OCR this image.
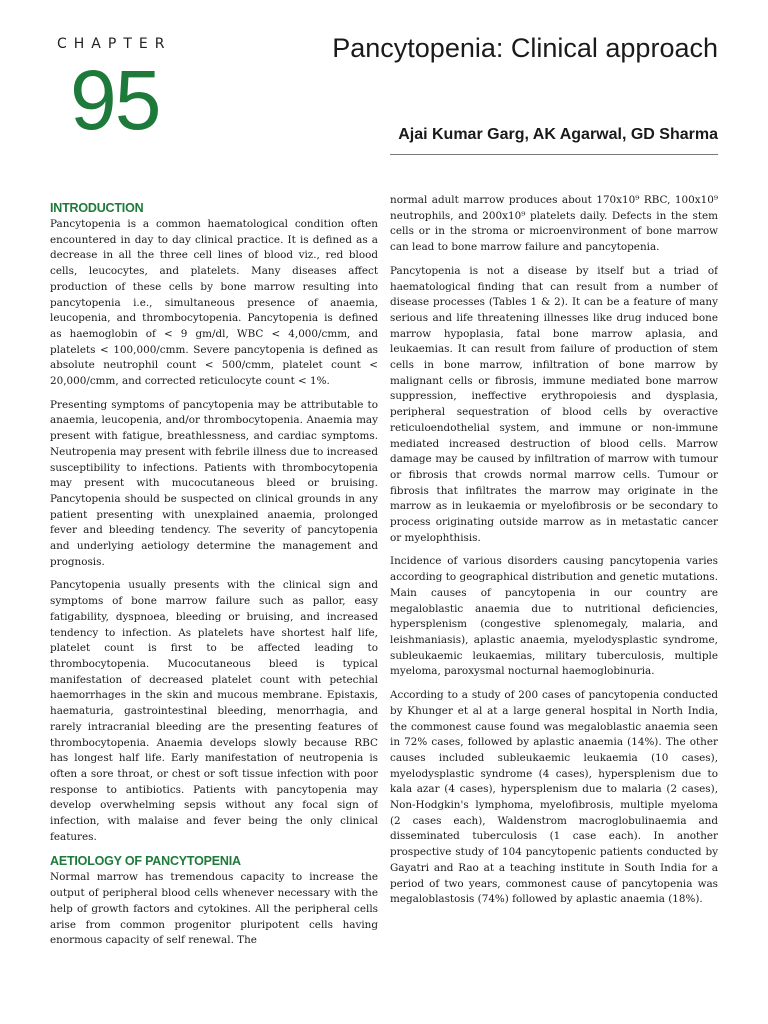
CHAPTER
95
Pancytopenia: Clinical approach
Ajai Kumar Garg, AK Agarwal, GD Sharma
INTRODUCTION

Pancytopenia is a common haematological condition often encountered in day to day clinical practice. It is defined as a decrease in all the three cell lines of blood viz., red blood cells, leucocytes, and platelets. Many diseases affect production of these cells by bone marrow resulting into pancytopenia i.e., simultaneous presence of anaemia, leucopenia, and thrombocytopenia. Pancytopenia is defined as haemoglobin of < 9 gm/dl, WBC < 4,000/cmm, and platelets < 100,000/cmm. Severe pancytopenia is defined as absolute neutrophil count < 500/cmm, platelet count < 20,000/cmm, and corrected reticulocyte count < 1%.

Presenting symptoms of pancytopenia may be attributable to anaemia, leucopenia, and/or thrombocytopenia. Anaemia may present with fatigue, breathlessness, and cardiac symptoms. Neutropenia may present with febrile illness due to increased susceptibility to infections. Patients with thrombocytopenia may present with mucocutaneous bleed or bruising. Pancytopenia should be suspected on clinical grounds in any patient presenting with unexplained anaemia, prolonged fever and bleeding tendency. The severity of pancytopenia and underlying aetiology determine the management and prognosis.

Pancytopenia usually presents with the clinical sign and symptoms of bone marrow failure such as pallor, easy fatigability, dyspnoea, bleeding or bruising, and increased tendency to infection. As platelets have shortest half life, platelet count is first to be affected leading to thrombocytopenia. Mucocutaneous bleed is typical manifestation of decreased platelet count with petechial haemorrhages in the skin and mucous membrane. Epistaxis, haematuria, gastrointestinal bleeding, menorrhagia, and rarely intracranial bleeding are the presenting features of thrombocytopenia. Anaemia develops slowly because RBC has longest half life. Early manifestation of neutropenia is often a sore throat, or chest or soft tissue infection with poor response to antibiotics. Patients with pancytopenia may develop overwhelming sepsis without any focal sign of infection, with malaise and fever being the only clinical features.

AETIOLOGY OF PANCYTOPENIA

Normal marrow has tremendous capacity to increase the output of peripheral blood cells whenever necessary with the help of growth factors and cytokines. All the peripheral cells arise from common progenitor pluripotent cells having enormous capacity of self renewal. The

normal adult marrow produces about 170x10⁹ RBC, 100x10⁹ neutrophils, and 200x10⁹ platelets daily. Defects in the stem cells or in the stroma or microenvironment of bone marrow can lead to bone marrow failure and pancytopenia.

Pancytopenia is not a disease by itself but a triad of haematological finding that can result from a number of disease processes (Tables 1 & 2). It can be a feature of many serious and life threatening illnesses like drug induced bone marrow hypoplasia, fatal bone marrow aplasia, and leukaemias. It can result from failure of production of stem cells in bone marrow, infiltration of bone marrow by malignant cells or fibrosis, immune mediated bone marrow suppression, ineffective erythropoiesis and dysplasia, peripheral sequestration of blood cells by overactive reticuloendothelial system, and immune or non-immune mediated increased destruction of blood cells. Marrow damage may be caused by infiltration of marrow with tumour or fibrosis that crowds normal marrow cells. Tumour or fibrosis that infiltrates the marrow may originate in the marrow as in leukaemia or myelofibrosis or be secondary to process originating outside marrow as in metastatic cancer or myelophthisis.

Incidence of various disorders causing pancytopenia varies according to geographical distribution and genetic mutations. Main causes of pancytopenia in our country are megaloblastic anaemia due to nutritional deficiencies, hypersplenism (congestive splenomegaly, malaria, and leishmaniasis), aplastic anaemia, myelodysplastic syndrome, subleukaemic leukaemias, military tuberculosis, multiple myeloma, paroxysmal nocturnal haemoglobinuria.

According to a study of 200 cases of pancytopenia conducted by Khunger et al at a large general hospital in North India, the commonest cause found was megaloblastic anaemia seen in 72% cases, followed by aplastic anaemia (14%). The other causes included subleukaemic leukaemia (10 cases), myelodysplastic syndrome (4 cases), hypersplenism due to kala azar (4 cases), hypersplenism due to malaria (2 cases), Non-Hodgkin's lymphoma, myelofibrosis, multiple myeloma (2 cases each), Waldenstrom macroglobulinaemia and disseminated tuberculosis (1 case each). In another prospective study of 104 pancytopenic patients conducted by Gayatri and Rao at a teaching institute in South India for a period of two years, commonest cause of pancytopenia was megaloblastosis (74%) followed by aplastic anaemia (18%).
